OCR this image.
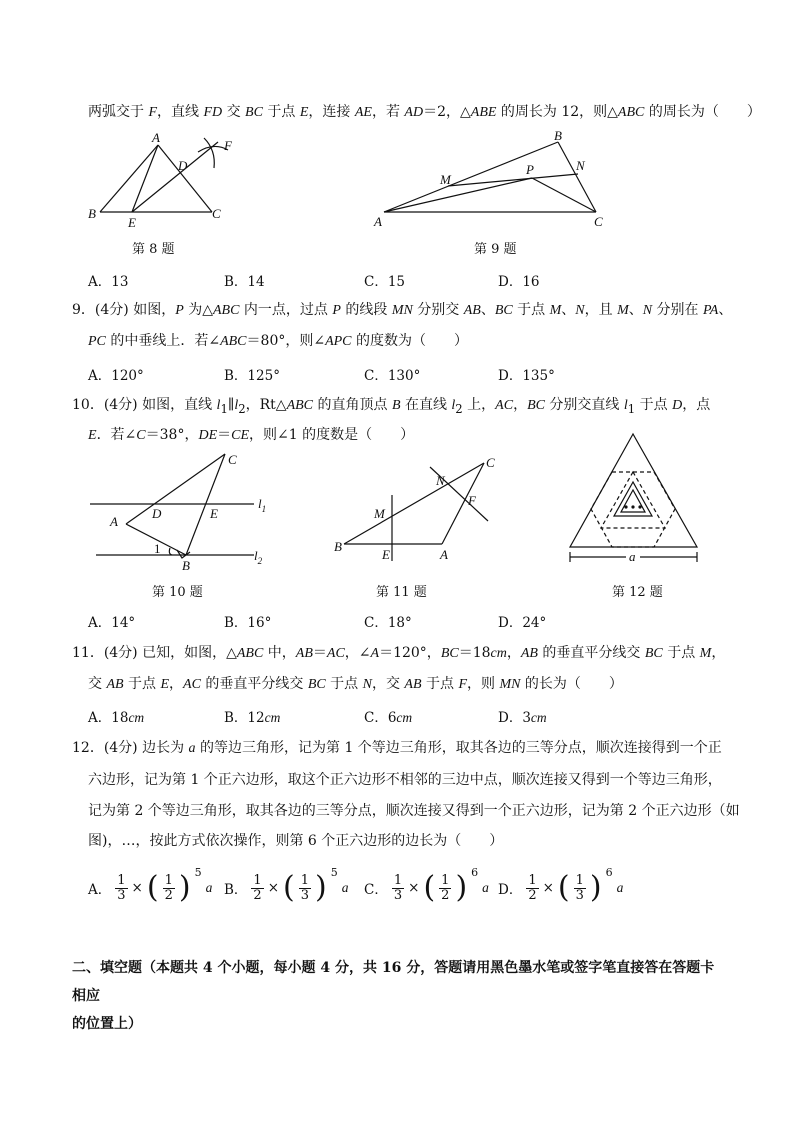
两弧交于 F，直线 FD 交 BC 于点 E，连接 AE，若 AD＝2，△ABE 的周长为 12，则△ABC 的周长为（　　）
A
B	C
D
E
F
第 8 题
A
B
C
M
N
P
第 9 题
A．13	B．14	C．15	D．16
9．(4分) 如图，P 为△ABC 内一点，过点 P 的线段 MN 分别交 AB、BC 于点 M、N，且 M、N 分别在 PA、
PC 的中垂线上．若∠ABC＝80°，则∠APC 的度数为（　　）
A．120°	B．125°	C．130°	D．135°
10．(4分) 如图，直线 $l_1\parallel l_2$，Rt△ABC 的直角顶点 B 在直线 $l_2$ 上，AC，BC 分别交直线 $l_1$ 于点 D，点
E．若∠C＝38°，DE＝CE，则∠1 的度数是（　　）
A
B
C
D	E
1
$l_1$
$l_2$
第 10 题
A
B
C
E
F
M
N
第 11 题
a
第 12 题
A．14°	B．16°	C．18°	D．24°
11．(4分) 已知，如图，△ABC 中，AB＝AC，∠A＝120°，BC＝18cm，AB 的垂直平分线交 BC 于点 M，
交 AB 于点 E，AC 的垂直平分线交 BC 于点 N，交 AB 于点 F，则 MN 的长为（　　）
A．18cm	B．12cm	C．6cm	D．3cm
12．(4分) 边长为 a 的等边三角形，记为第 1 个等边三角形，取其各边的三等分点，顺次连接得到一个正
六边形，记为第 1 个正六边形，取这个正六边形不相邻的三边中点，顺次连接又得到一个等边三角形，
记为第 2 个等边三角形，取其各边的三等分点，顺次连接又得到一个正六边形，记为第 2 个正六边形（如
图)，…，按此方式依次操作，则第 6 个正六边形的边长为（　　）
A． $\frac{1}{3}$ × ( $\frac{1}{2}$ ) 5
a B． $\frac{1}{2}$ × ( $\frac{1}{3}$ ) 5
a C． $\frac{1}{3}$ × ( $\frac{1}{2}$ ) 6
a D． $\frac{1}{2}$ × ( $\frac{1}{3}$ ) 6
a
二、填空题（本题共 4 个小题，每小题 4 分，共 16 分，答题请用黑色墨水笔或签字笔直接答在答题卡相应
的位置上）
